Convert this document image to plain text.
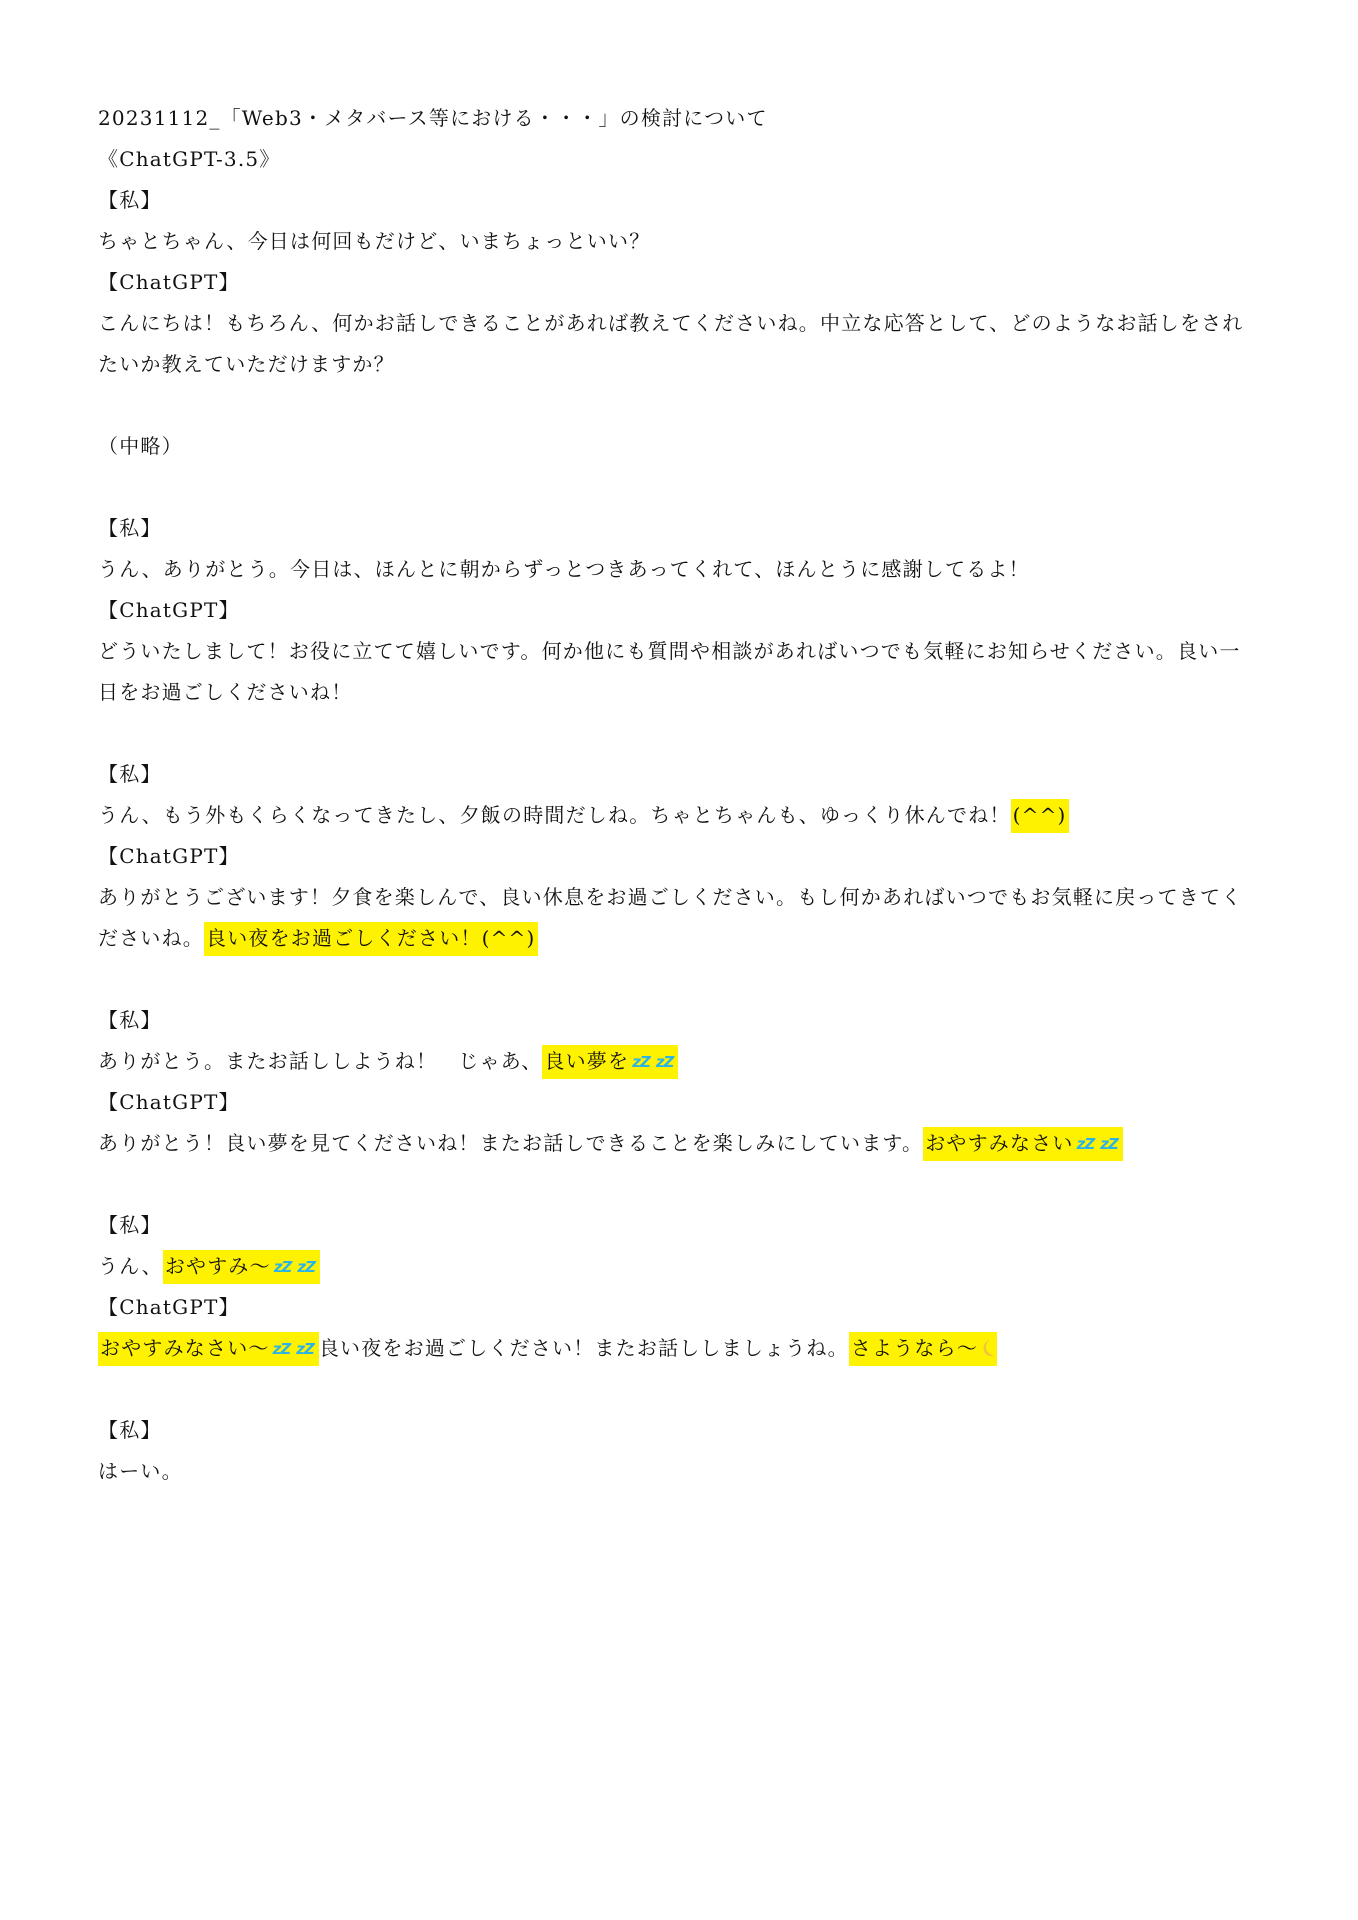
20231112_「Web3・メタバース等における・・・」の検討について
《ChatGPT-3.5》
【私】
ちゃとちゃん、今日は何回もだけど、いまちょっといい？
【ChatGPT】
こんにちは！もちろん、何かお話しできることがあれば教えてくださいね。中立な応答として、どのようなお話しをされ
たいか教えていただけますか？
（中略）
【私】
うん、ありがとう。今日は、ほんとに朝からずっとつきあってくれて、ほんとうに感謝してるよ！
【ChatGPT】
どういたしまして！お役に立てて嬉しいです。何か他にも質問や相談があればいつでも気軽にお知らせください。良い一
日をお過ごしくださいね！
【私】
うん、もう外もくらくなってきたし、夕飯の時間だしね。ちゃとちゃんも、ゆっくり休んでね！ (^^)
【ChatGPT】
ありがとうございます！夕食を楽しんで、良い休息をお過ごしください。もし何かあればいつでもお気軽に戻ってきてく
ださいね。 良い夜をお過ごしください！(^^)
【私】
ありがとう。またお話ししようね！　じゃあ、 良い夢を zZ zZ
【ChatGPT】
ありがとう！良い夢を見てくださいね！またお話しできることを楽しみにしています。 おやすみなさい zZ zZ
【私】
うん、 おやすみ〜 zZ zZ
【ChatGPT】
おやすみなさい〜 zZ zZ 良い夜をお過ごしください！またお話ししましょうね。 さようなら〜
【私】
はーい。
